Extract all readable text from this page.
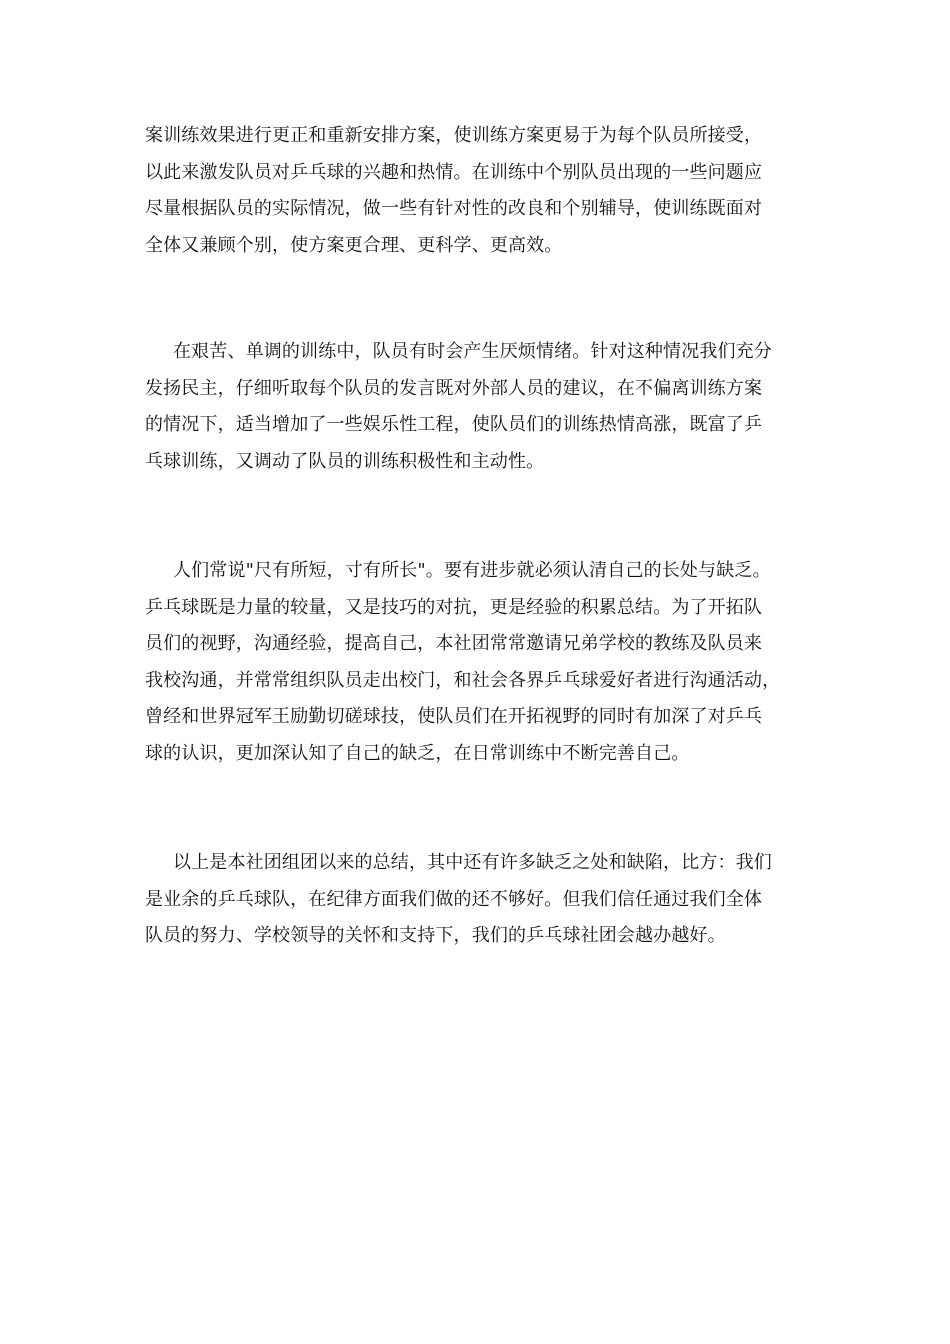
案训练效果进行更正和重新安排方案，使训练方案更易于为每个队员所接受，
以此来激发队员对乒乓球的兴趣和热情。在训练中个别队员出现的一些问题应
尽量根据队员的实际情况，做一些有针对性的改良和个别辅导，使训练既面对
全体又兼顾个别，使方案更合理、更科学、更高效。
在艰苦、单调的训练中，队员有时会产生厌烦情绪。针对这种情况我们充分
发扬民主，仔细听取每个队员的发言既对外部人员的建议，在不偏离训练方案
的情况下，适当增加了一些娱乐性工程，使队员们的训练热情高涨，既富了乒
乓球训练，又调动了队员的训练积极性和主动性。
人们常说"尺有所短，寸有所长"。要有进步就必须认清自己的长处与缺乏。
乒乓球既是力量的较量，又是技巧的对抗，更是经验的积累总结。为了开拓队
员们的视野，沟通经验，提高自己，本社团常常邀请兄弟学校的教练及队员来
我校沟通，并常常组织队员走出校门，和社会各界乒乓球爱好者进行沟通活动，
曾经和世界冠军王励勤切磋球技，使队员们在开拓视野的同时有加深了对乒乓
球的认识，更加深认知了自己的缺乏，在日常训练中不断完善自己。
以上是本社团组团以来的总结，其中还有许多缺乏之处和缺陷，比方：我们
是业余的乒乓球队，在纪律方面我们做的还不够好。但我们信任通过我们全体
队员的努力、学校领导的关怀和支持下，我们的乒乓球社团会越办越好。
